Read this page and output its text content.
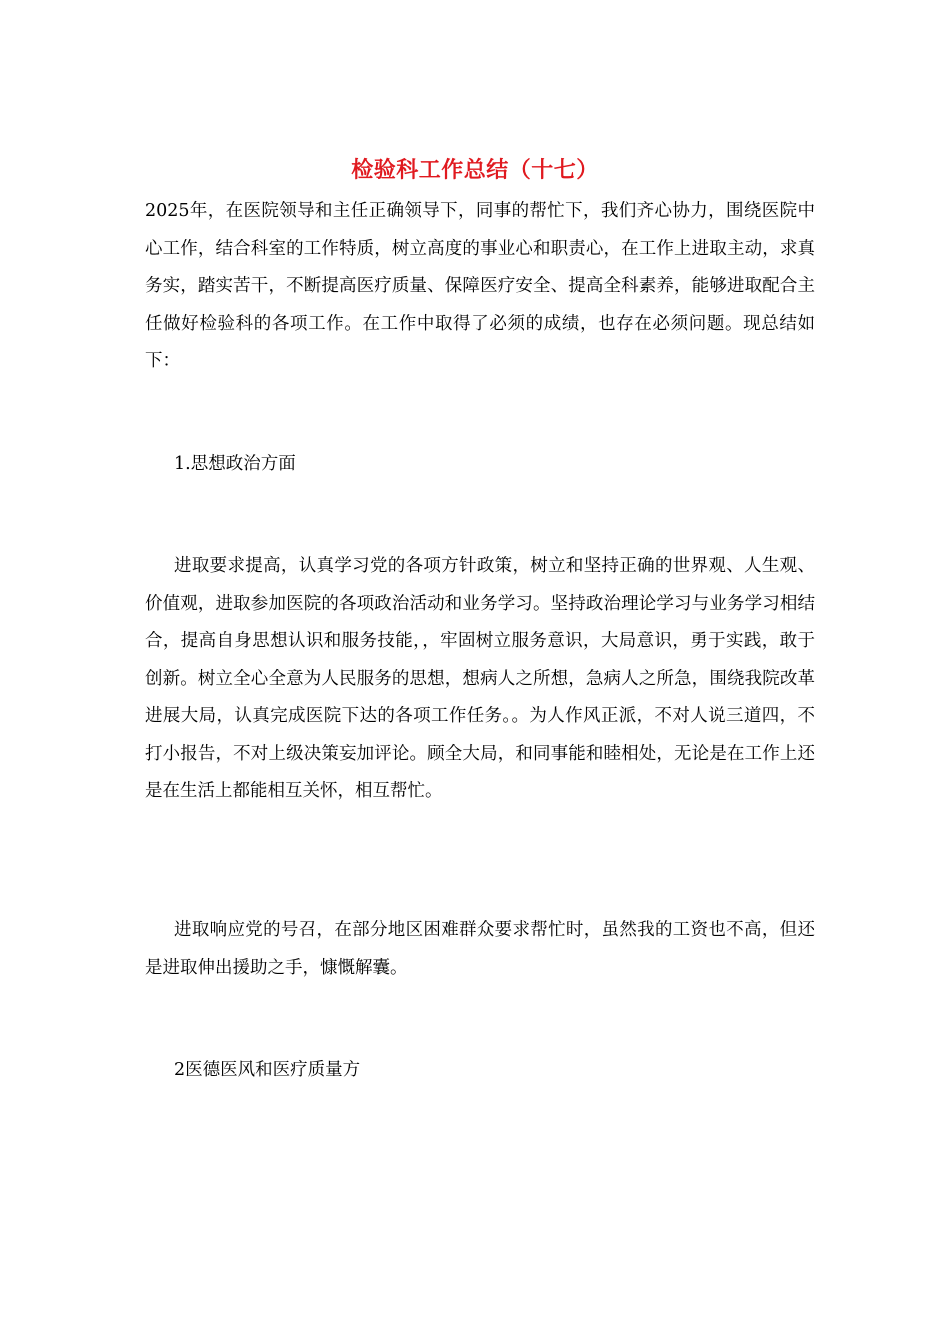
检验科工作总结（十七）

2025年，在医院领导和主任正确领导下，同事的帮忙下，我们齐心协力，围绕医院中心工作，结合科室的工作特质，树立高度的事业心和职责心，在工作上进取主动，求真务实，踏实苦干，不断提高医疗质量、保障医疗安全、提高全科素养，能够进取配合主任做好检验科的各项工作。在工作中取得了必须的成绩，也存在必须问题。现总结如下：

1.思想政治方面

进取要求提高，认真学习党的各项方针政策，树立和坚持正确的世界观、人生观、价值观，进取参加医院的各项政治活动和业务学习。坚持政治理论学习与业务学习相结合，提高自身思想认识和服务技能，，牢固树立服务意识，大局意识，勇于实践，敢于创新。树立全心全意为人民服务的思想，想病人之所想，急病人之所急，围绕我院改革进展大局，认真完成医院下达的各项工作任务。。为人作风正派，不对人说三道四，不打小报告，不对上级决策妄加评论。顾全大局，和同事能和睦相处，无论是在工作上还是在生活上都能相互关怀，相互帮忙。

进取响应党的号召，在部分地区困难群众要求帮忙时，虽然我的工资也不高，但还是进取伸出援助之手，慷慨解囊。

2医德医风和医疗质量方
